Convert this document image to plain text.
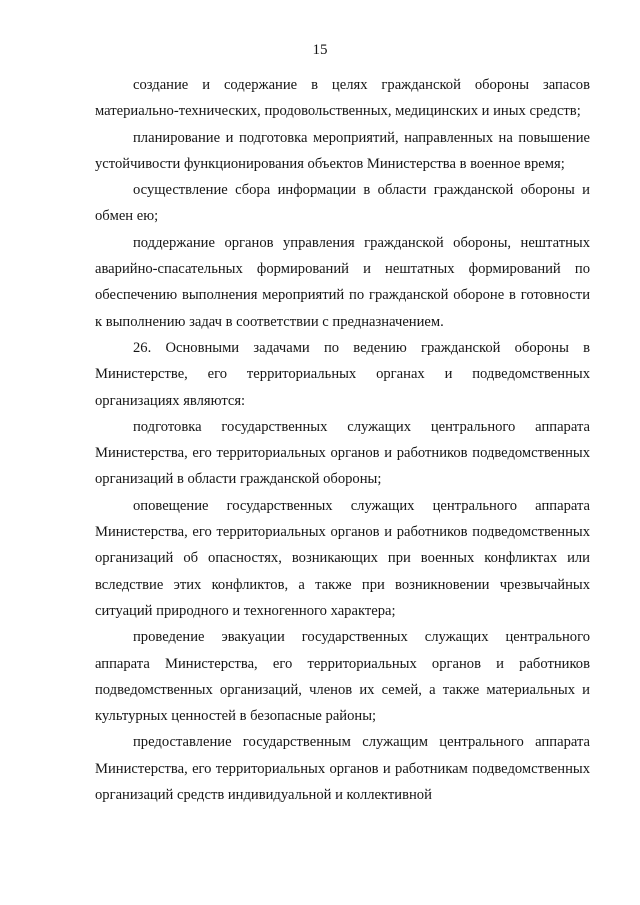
15

создание и содержание в целях гражданской обороны запасов материально-технических, продовольственных, медицинских и иных средств;

планирование и подготовка мероприятий, направленных на повышение устойчивости функционирования объектов Министерства в военное время;

осуществление сбора информации в области гражданской обороны и обмен ею;

поддержание органов управления гражданской обороны, нештатных аварийно-спасательных формирований и нештатных формирований по обеспечению выполнения мероприятий по гражданской обороне в готовности к выполнению задач в соответствии с предназначением.

26. Основными задачами по ведению гражданской обороны в Министерстве, его территориальных органах и подведомственных организациях являются:

подготовка государственных служащих центрального аппарата Министерства, его территориальных органов и работников подведомственных организаций в области гражданской обороны;

оповещение государственных служащих центрального аппарата Министерства, его территориальных органов и работников подведомственных организаций об опасностях, возникающих при военных конфликтах или вследствие этих конфликтов, а также при возникновении чрезвычайных ситуаций природного и техногенного характера;

проведение эвакуации государственных служащих центрального аппарата Министерства, его территориальных органов и работников подведомственных организаций, членов их семей, а также материальных и культурных ценностей в безопасные районы;

предоставление государственным служащим центрального аппарата Министерства, его территориальных органов и работникам подведомственных организаций средств индивидуальной и коллективной
